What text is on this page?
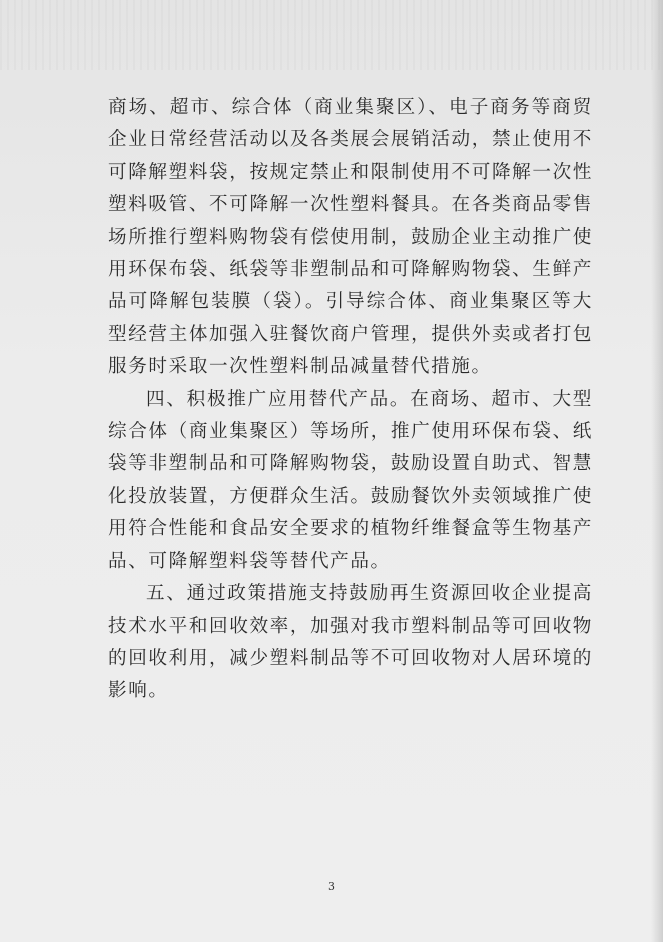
商场、超市、综合体（商业集聚区）、电子商务等商贸企业日常经营活动以及各类展会展销活动，禁止使用不可降解塑料袋，按规定禁止和限制使用不可降解一次性塑料吸管、不可降解一次性塑料餐具。在各类商品零售场所推行塑料购物袋有偿使用制，鼓励企业主动推广使用环保布袋、纸袋等非塑制品和可降解购物袋、生鲜产品可降解包装膜（袋）。引导综合体、商业集聚区等大型经营主体加强入驻餐饮商户管理，提供外卖或者打包服务时采取一次性塑料制品减量替代措施。

四、积极推广应用替代产品。在商场、超市、大型综合体（商业集聚区）等场所，推广使用环保布袋、纸袋等非塑制品和可降解购物袋，鼓励设置自助式、智慧化投放装置，方便群众生活。鼓励餐饮外卖领域推广使用符合性能和食品安全要求的植物纤维餐盒等生物基产品、可降解塑料袋等替代产品。

五、通过政策措施支持鼓励再生资源回收企业提高技术水平和回收效率，加强对我市塑料制品等可回收物的回收利用，减少塑料制品等不可回收物对人居环境的影响。

3
